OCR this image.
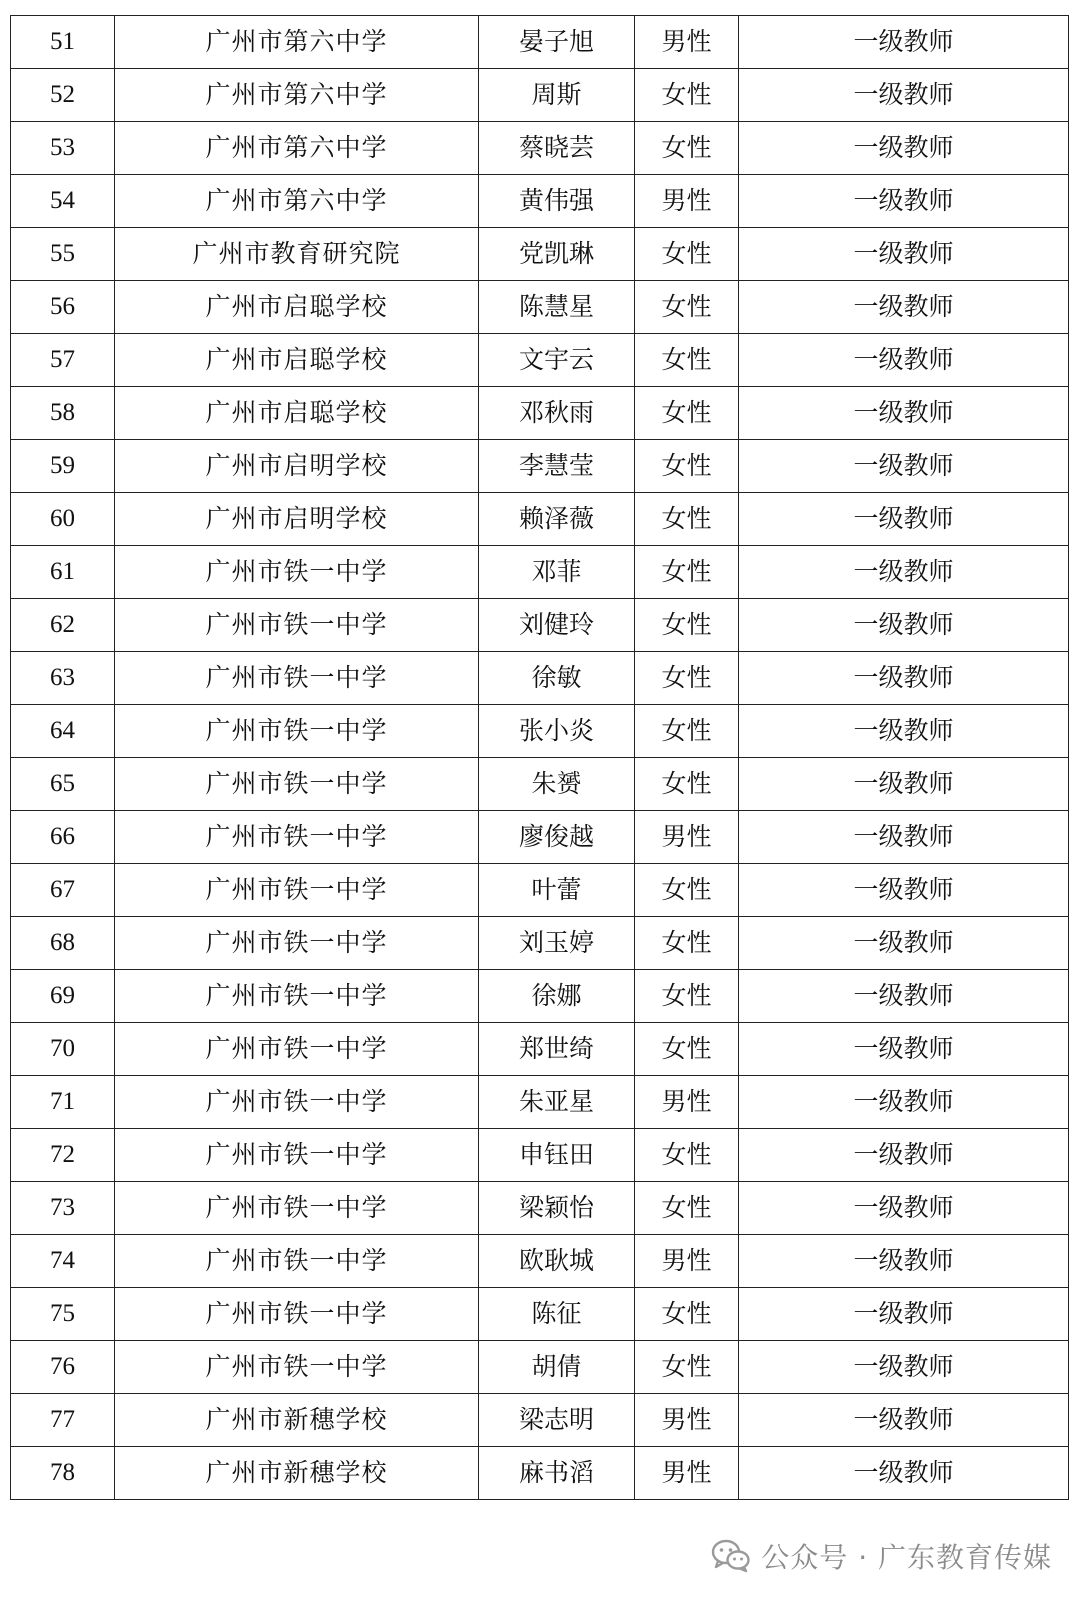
51	广州市第六中学	晏子旭	男性	一级教师
52	广州市第六中学	周斯	女性	一级教师
53	广州市第六中学	蔡晓芸	女性	一级教师
54	广州市第六中学	黄伟强	男性	一级教师
55	广州市教育研究院	党凯琳	女性	一级教师
56	广州市启聪学校	陈慧星	女性	一级教师
57	广州市启聪学校	文宇云	女性	一级教师
58	广州市启聪学校	邓秋雨	女性	一级教师
59	广州市启明学校	李慧莹	女性	一级教师
60	广州市启明学校	赖泽薇	女性	一级教师
61	广州市铁一中学	邓菲	女性	一级教师
62	广州市铁一中学	刘健玲	女性	一级教师
63	广州市铁一中学	徐敏	女性	一级教师
64	广州市铁一中学	张小炎	女性	一级教师
65	广州市铁一中学	朱赟	女性	一级教师
66	广州市铁一中学	廖俊越	男性	一级教师
67	广州市铁一中学	叶蕾	女性	一级教师
68	广州市铁一中学	刘玉婷	女性	一级教师
69	广州市铁一中学	徐娜	女性	一级教师
70	广州市铁一中学	郑世绮	女性	一级教师
71	广州市铁一中学	朱亚星	男性	一级教师
72	广州市铁一中学	申钰田	女性	一级教师
73	广州市铁一中学	梁颖怡	女性	一级教师
74	广州市铁一中学	欧耿城	男性	一级教师
75	广州市铁一中学	陈征	女性	一级教师
76	广州市铁一中学	胡倩	女性	一级教师
77	广州市新穗学校	梁志明	男性	一级教师
78	广州市新穗学校	麻书滔	男性	一级教师
公众号 · 广东教育传媒
